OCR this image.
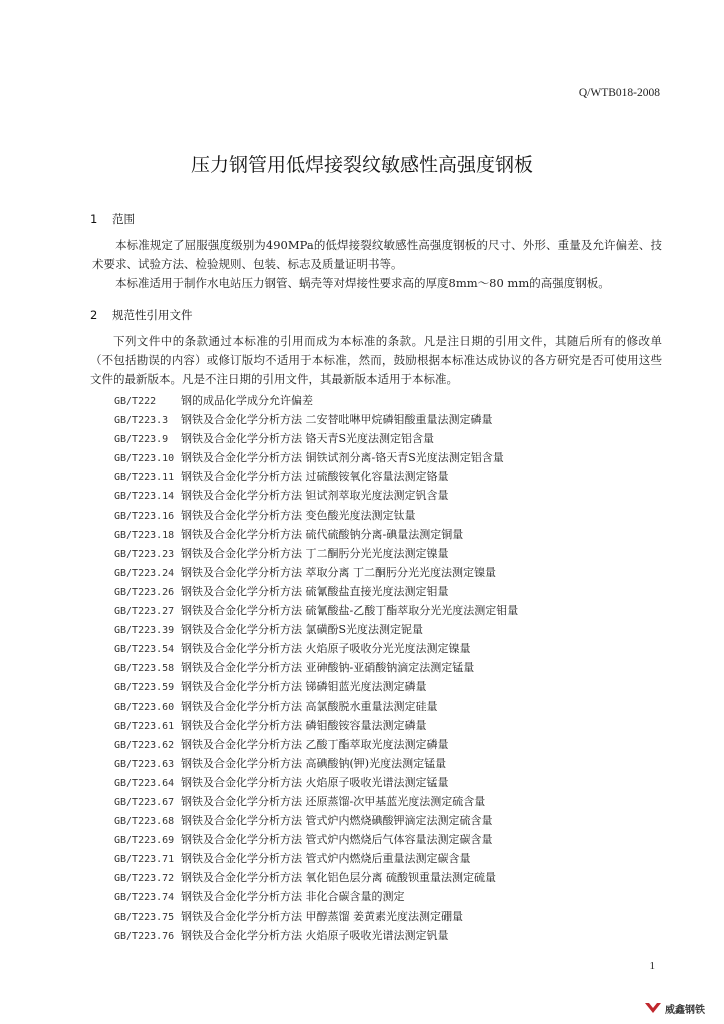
Q/WTB018-2008
压力钢管用低焊接裂纹敏感性高强度钢板
1 范围
本标准规定了屈服强度级别为490MPa的低焊接裂纹敏感性高强度钢板的尺寸、外形、重量及允许偏差、技术要求、试验方法、检验规则、包装、标志及质量证明书等。
本标准适用于制作水电站压力钢管、蜗壳等对焊接性要求高的厚度8mm～80 mm的高强度钢板。
2 规范性引用文件
下列文件中的条款通过本标准的引用而成为本标准的条款。凡是注日期的引用文件，其随后所有的修改单（不包括勘误的内容）或修订版均不适用于本标准，然而，鼓励根据本标准达成协议的各方研究是否可使用这些文件的最新版本。凡是不注日期的引用文件，其最新版本适用于本标准。
GB/T222 钢的成品化学成分允许偏差
GB/T223.3 钢铁及合金化学分析方法 二安替吡啉甲烷磷钼酸重量法测定磷量
GB/T223.9 钢铁及合金化学分析方法 铬天青S光度法测定铝含量
GB/T223.10 钢铁及合金化学分析方法 铜铁试剂分离-铬天青S光度法测定铝含量
GB/T223.11 钢铁及合金化学分析方法 过硫酸铵氧化容量法测定铬量
GB/T223.14 钢铁及合金化学分析方法 钽试剂萃取光度法测定钒含量
GB/T223.16 钢铁及合金化学分析方法 变色酸光度法测定钛量
GB/T223.18 钢铁及合金化学分析方法 硫代硫酸钠分离-碘量法测定铜量
GB/T223.23 钢铁及合金化学分析方法 丁二酮肟分光光度法测定镍量
GB/T223.24 钢铁及合金化学分析方法 萃取分离 丁二酮肟分光光度法测定镍量
GB/T223.26 钢铁及合金化学分析方法 硫氰酸盐直接光度法测定钼量
GB/T223.27 钢铁及合金化学分析方法 硫氰酸盐-乙酸丁酯萃取分光光度法测定钼量
GB/T223.39 钢铁及合金化学分析方法 氯磺酚S光度法测定铌量
GB/T223.54 钢铁及合金化学分析方法 火焰原子吸收分光光度法测定镍量
GB/T223.58 钢铁及合金化学分析方法 亚砷酸钠-亚硝酸钠滴定法测定锰量
GB/T223.59 钢铁及合金化学分析方法 锑磷钼蓝光度法测定磷量
GB/T223.60 钢铁及合金化学分析方法 高氯酸脱水重量法测定硅量
GB/T223.61 钢铁及合金化学分析方法 磷钼酸铵容量法测定磷量
GB/T223.62 钢铁及合金化学分析方法 乙酸丁酯萃取光度法测定磷量
GB/T223.63 钢铁及合金化学分析方法 高碘酸钠(钾)光度法测定锰量
GB/T223.64 钢铁及合金化学分析方法 火焰原子吸收光谱法测定锰量
GB/T223.67 钢铁及合金化学分析方法 还原蒸馏-次甲基蓝光度法测定硫含量
GB/T223.68 钢铁及合金化学分析方法 管式炉内燃烧碘酸钾滴定法测定硫含量
GB/T223.69 钢铁及合金化学分析方法 管式炉内燃烧后气体容量法测定碳含量
GB/T223.71 钢铁及合金化学分析方法 管式炉内燃烧后重量法测定碳含量
GB/T223.72 钢铁及合金化学分析方法 氧化铝色层分离 硫酸钡重量法测定硫量
GB/T223.74 钢铁及合金化学分析方法 非化合碳含量的测定
GB/T223.75 钢铁及合金化学分析方法 甲醇蒸馏 姜黄素光度法测定硼量
GB/T223.76 钢铁及合金化学分析方法 火焰原子吸收光谱法测定钒量
1
威鑫钢铁
